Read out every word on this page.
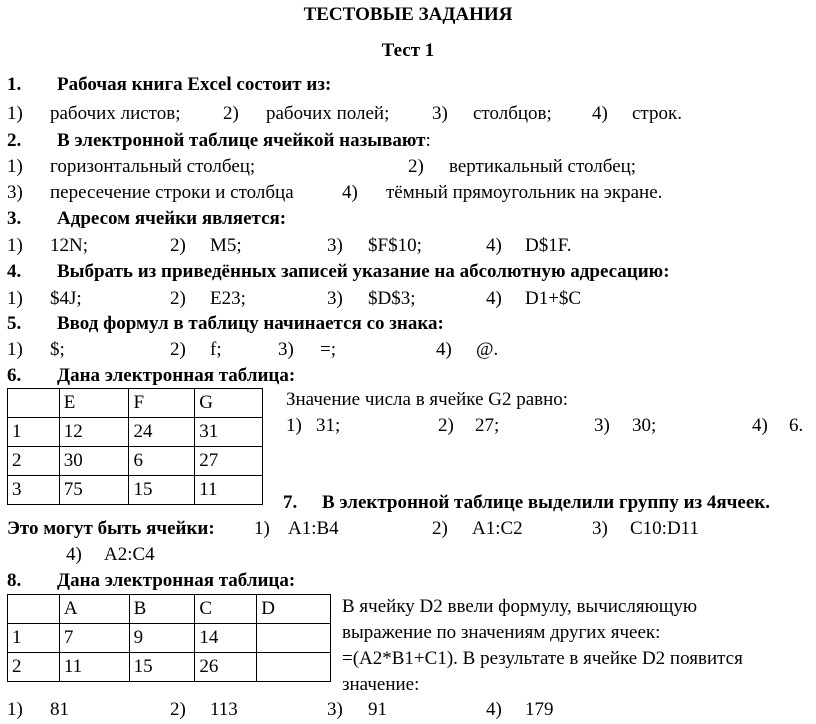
ТЕСТОВЫЕ ЗАДАНИЯ
Тест 1
1. Рабочая книга Excel состоит из:
1) рабочих листов; 2) рабочих полей; 3) столбцов; 4) строк.
2. В электронной таблице ячейкой называют:
1) горизонтальный столбец;	2) вертикальный столбец;
3) пересечение строки и столбца	4) тёмный прямоугольник на экране.
3. Адресом ячейки является:
1) 12N;	2) M5;	3) $F$10;	4) D$1F.
4. Выбрать из приведённых записей указание на абсолютную адресацию:
1) $4J;	2) E23;	3) $D$3;	4) D1+$C
5. Ввод формул в таблицу начинается со знака:
1) $;	2) f;	3) =;	4) @.
6. Дана электронная таблица:
	E	F	G
1	12	24	31
2	30	6	27
3	75	15	11
Значение числа в ячейке G2 равно:
1) 31;	2) 27;	3) 30;	4) 6.
7. В электронной таблице выделили группу из 4ячеек.
Это могут быть ячейки: 1) A1:B4	2) A1:C2	3) C10:D11
4) A2:C4
8. Дана электронная таблица:
	A	B	C	D
1	7	9	14	
2	11	15	26	
В ячейку D2 ввели формулу, вычисляющую
выражение по значениям других ячеек:
=(A2*B1+C1). В результате в ячейке D2 появится
значение:
1) 81	2) 113	3) 91	4) 179
